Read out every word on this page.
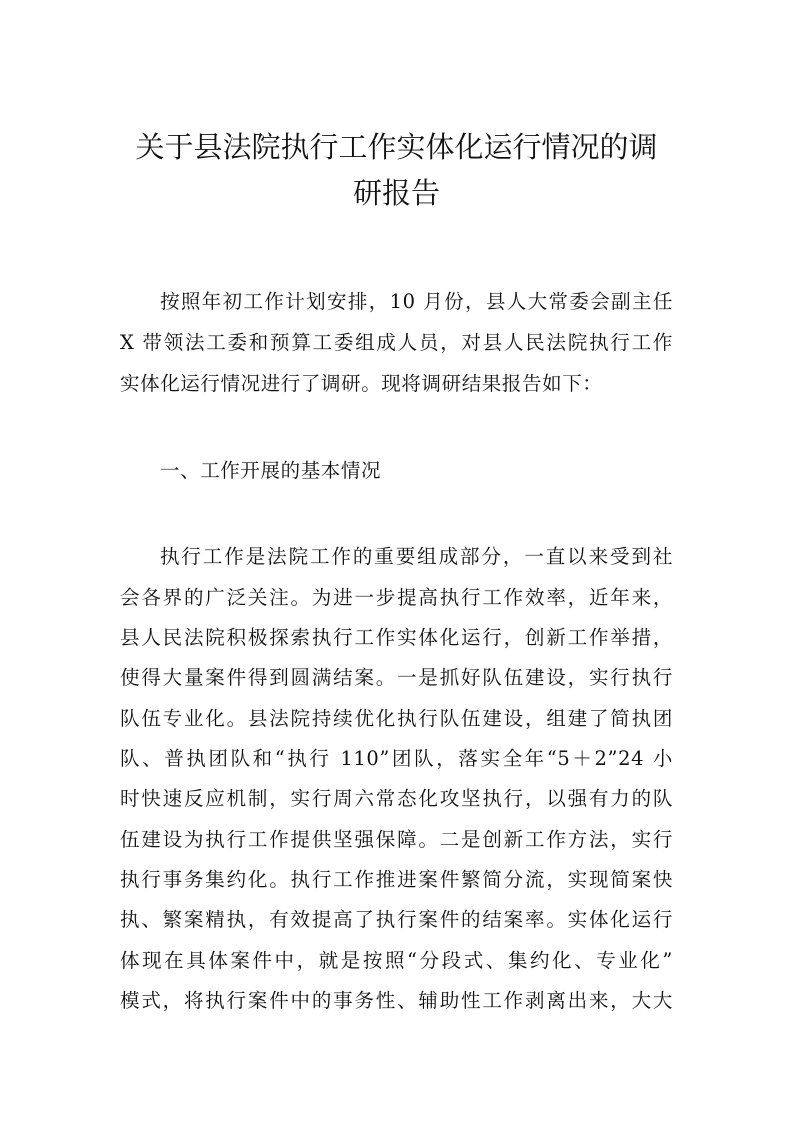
关于县法院执行工作实体化运行情况的调
研报告
按照年初工作计划安排，10 月份，县人大常委会副主任
X 带领法工委和预算工委组成人员，对县人民法院执行工作
实体化运行情况进行了调研。现将调研结果报告如下：
一、工作开展的基本情况
执行工作是法院工作的重要组成部分，一直以来受到社
会各界的广泛关注。为进一步提高执行工作效率，近年来，
县人民法院积极探索执行工作实体化运行，创新工作举措，
使得大量案件得到圆满结案。一是抓好队伍建设，实行执行
队伍专业化。县法院持续优化执行队伍建设，组建了简执团
队、普执团队和“执行 110”团队，落实全年“5＋2”24 小
时快速反应机制，实行周六常态化攻坚执行，以强有力的队
伍建设为执行工作提供坚强保障。二是创新工作方法，实行
执行事务集约化。执行工作推进案件繁简分流，实现简案快
执、繁案精执，有效提高了执行案件的结案率。实体化运行
体现在具体案件中，就是按照“分段式、集约化、专业化”
模式，将执行案件中的事务性、辅助性工作剥离出来，大大
